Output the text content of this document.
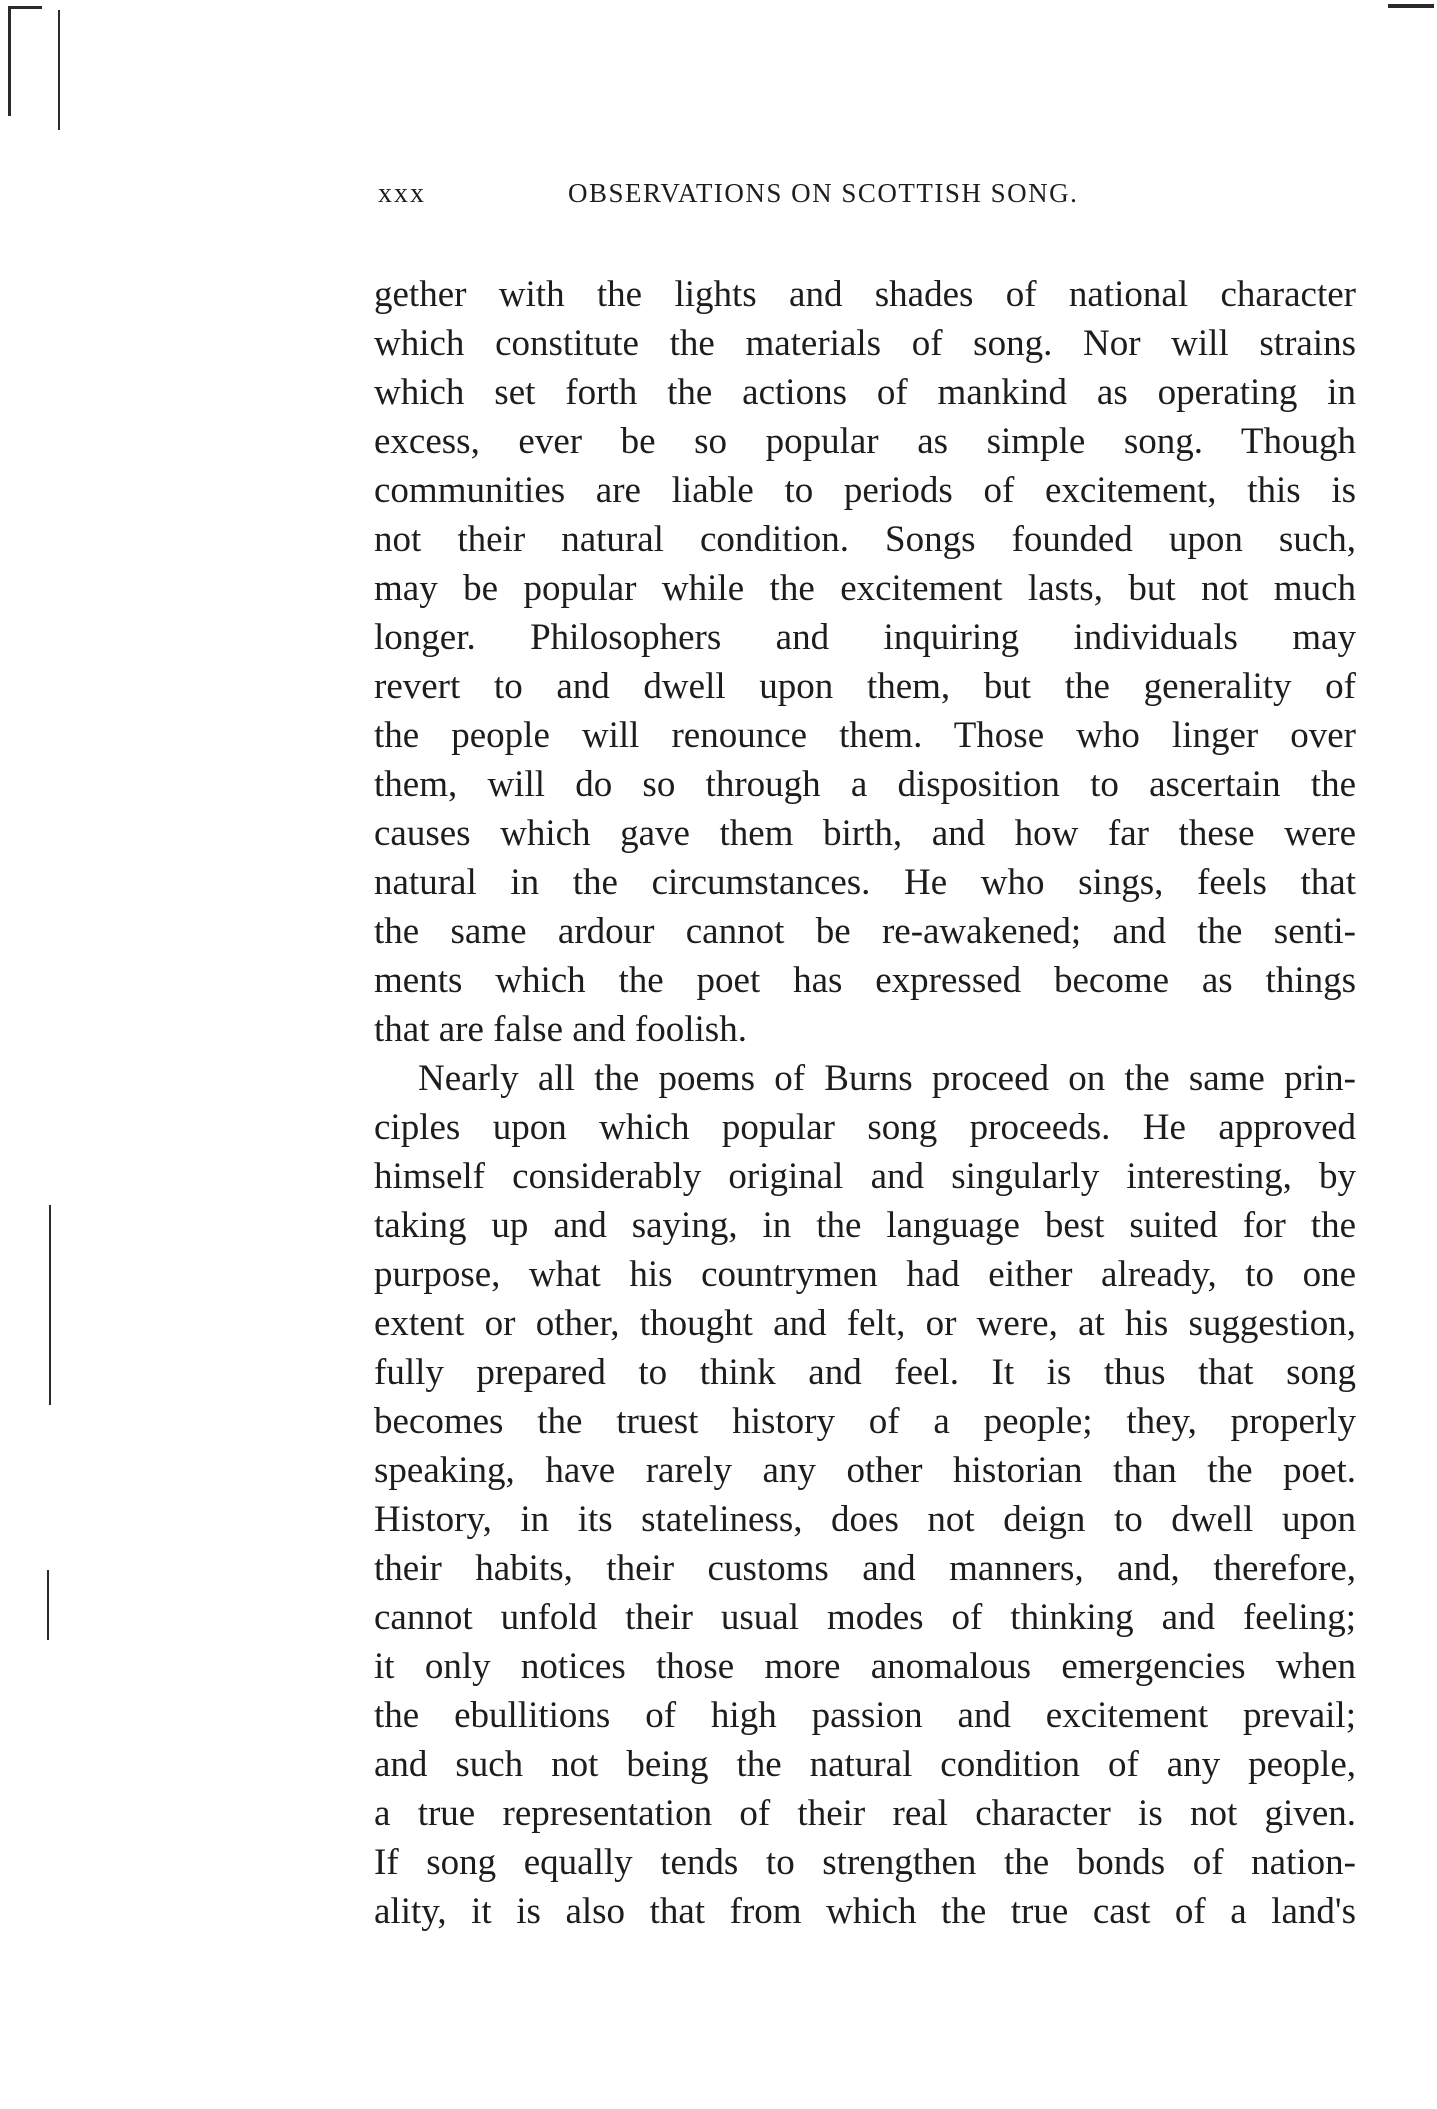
xxx	OBSERVATIONS ON SCOTTISH SONG.
gether with the lights and shades of national character
which constitute the materials of song. Nor will strains
which set forth the actions of mankind as operating in
excess, ever be so popular as simple song. Though
communities are liable to periods of excitement, this is
not their natural condition. Songs founded upon such,
may be popular while the excitement lasts, but not much
longer. Philosophers and inquiring individuals may
revert to and dwell upon them, but the generality of
the people will renounce them. Those who linger over
them, will do so through a disposition to ascertain the
causes which gave them birth, and how far these were
natural in the circumstances. He who sings, feels that
the same ardour cannot be re-awakened; and the senti-
ments which the poet has expressed become as things
that are false and foolish.
Nearly all the poems of Burns proceed on the same prin-
ciples upon which popular song proceeds. He approved
himself considerably original and singularly interesting, by
taking up and saying, in the language best suited for the
purpose, what his countrymen had either already, to one
extent or other, thought and felt, or were, at his suggestion,
fully prepared to think and feel. It is thus that song
becomes the truest history of a people; they, properly
speaking, have rarely any other historian than the poet.
History, in its stateliness, does not deign to dwell upon
their habits, their customs and manners, and, therefore,
cannot unfold their usual modes of thinking and feeling;
it only notices those more anomalous emergencies when
the ebullitions of high passion and excitement prevail;
and such not being the natural condition of any people,
a true representation of their real character is not given.
If song equally tends to strengthen the bonds of nation-
ality, it is also that from which the true cast of a land's
